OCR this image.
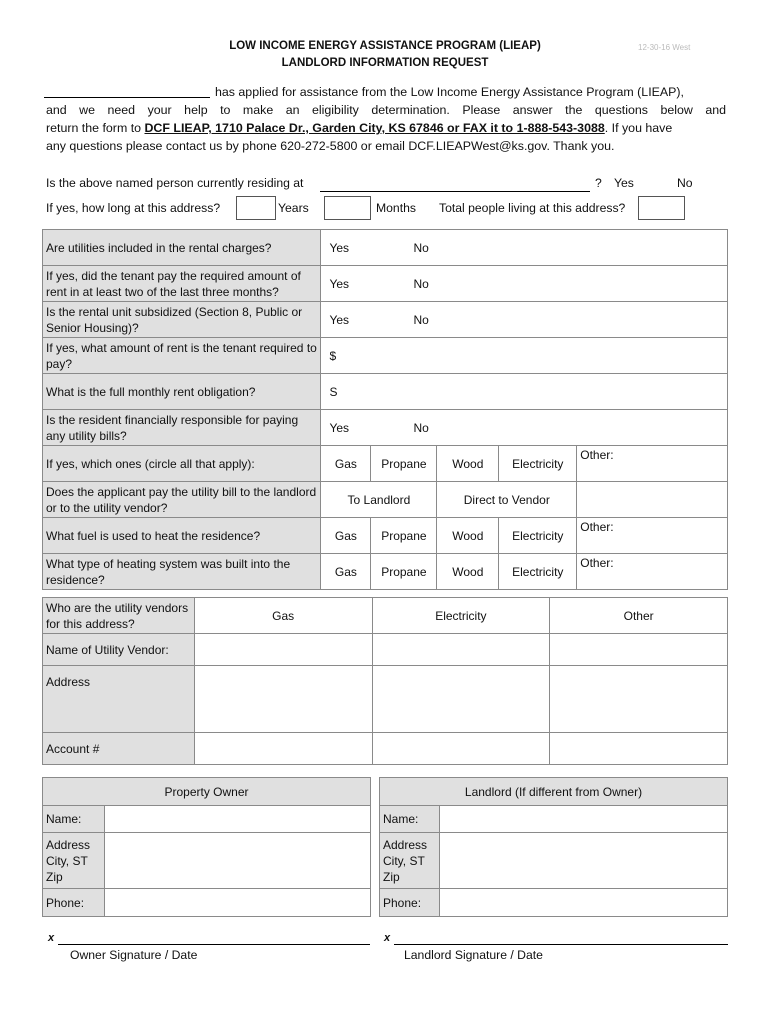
LOW INCOME ENERGY ASSISTANCE PROGRAM (LIEAP)
LANDLORD INFORMATION REQUEST
12-30-16 West
has applied for assistance from the Low Income Energy Assistance Program (LIEAP),
and we need your help to make an eligibility determination. Please answer the questions below and
return the form to DCF LIEAP, 1710 Palace Dr., Garden City, KS 67846 or FAX it to 1-888-543-3088. If you have
any questions please contact us by phone 620-272-5800 or email DCF.LIEAPWest@ks.gov. Thank you.
Is the above named person currently residing at	? Yes	No
If yes, how long at this address?	Years	Months Total people living at this address?
Are utilities included in the rental charges?	Yes No				
If yes, did the tenant pay the required amount of rent in at least two of the last three months?	Yes No				
Is the rental unit subsidized (Section 8, Public or Senior Housing)?	Yes No				
If yes, what amount of rent is the tenant required to pay?	$				
What is the full monthly rent obligation?	S				
Is the resident financially responsible for paying any utility bills?	Yes No				
If yes, which ones (circle all that apply):	Gas	Propane	Wood	Electricity	Other:
Does the applicant pay the utility bill to the landlord or to the utility vendor?	To Landlord		Direct to Vendor		
What fuel is used to heat the residence?	Gas	Propane	Wood	Electricity	Other:
What type of heating system was built into the residence?	Gas	Propane	Wood	Electricity	Other:
Who are the utility vendors for this address?	Gas	Electricity	Other
Name of Utility Vendor:			
Address			
Account #			
Property Owner	
Name:	
Address City, ST Zip	
Phone:	
Landlord (If different from Owner)	
Name:	
Address City, ST Zip	
Phone:	
x
Owner Signature / Date
x
Landlord Signature / Date
